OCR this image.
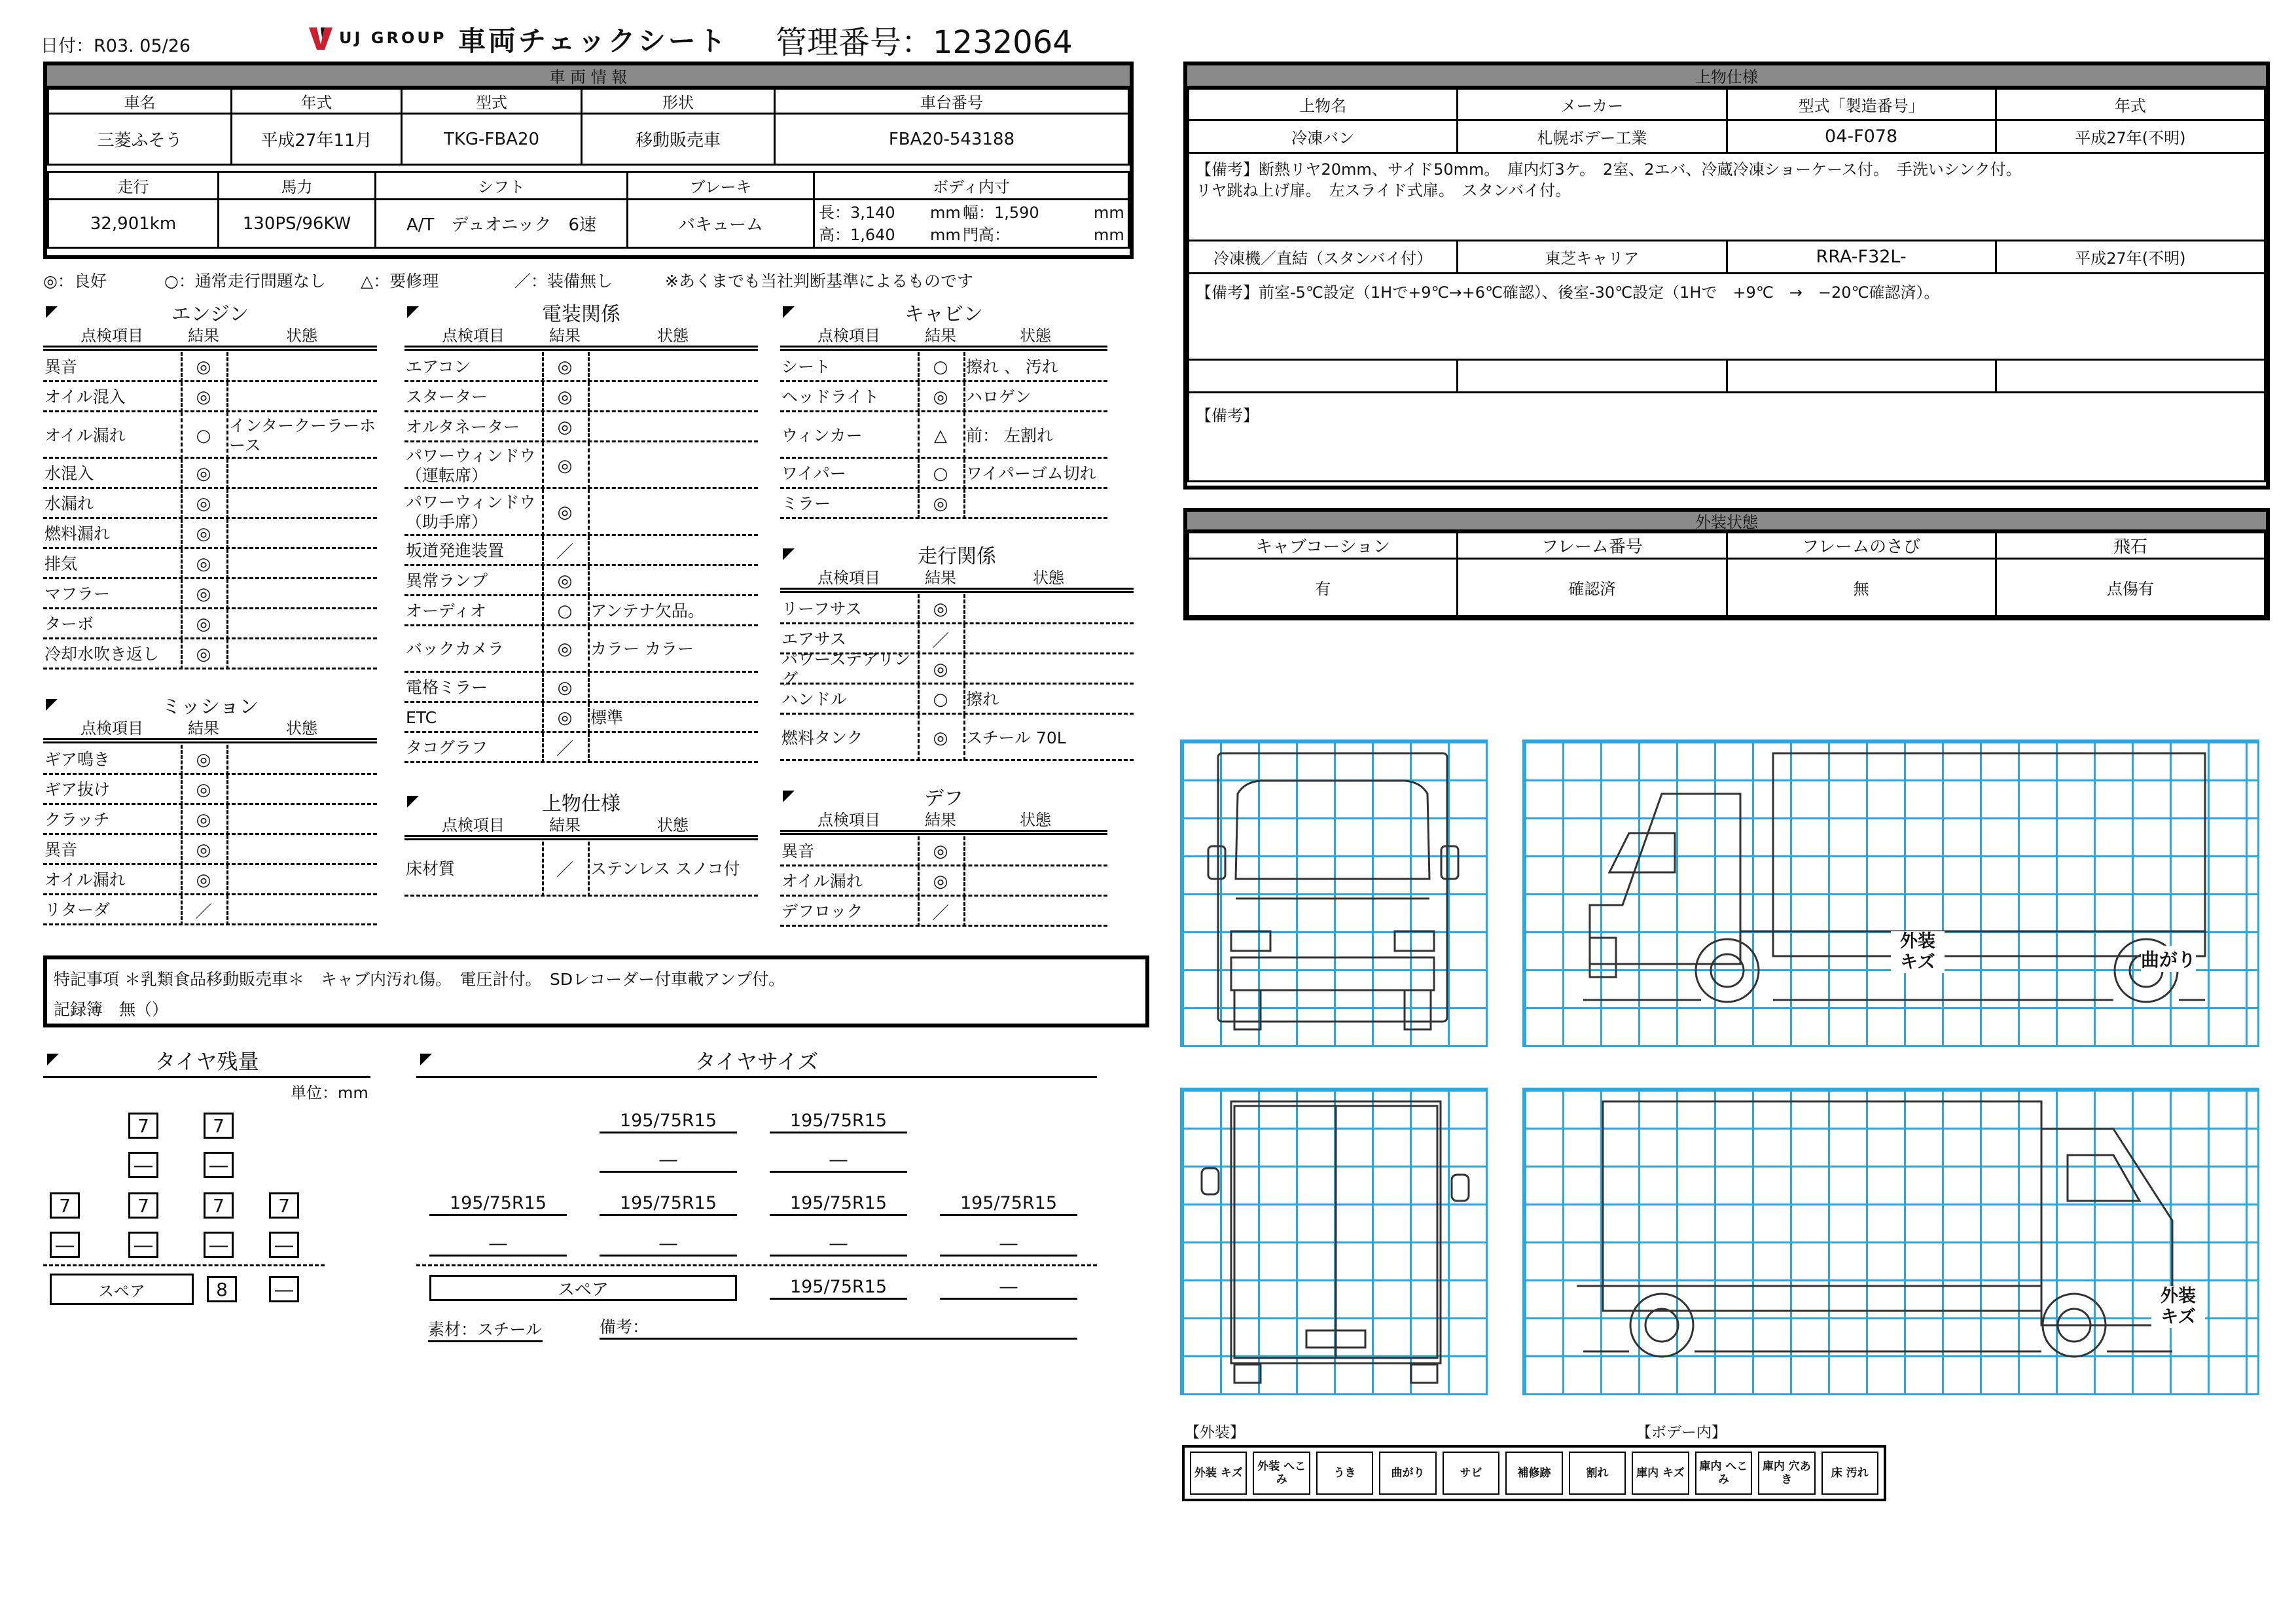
日付：R03. 05/26	UJ GROUP 車両チェックシート 管理番号：1232064
車 両 情 報
車名	年式	型式	形状	車台番号
三菱ふそう	平成27年11月	TKG-FBA20	移動販売車	FBA20-543188
走行	馬力	シフト	ブレーキ	ボディ内寸
32,901km	130PS/96KW	A/T　デュオニック　6速	バキューム	長：3,140 mm 幅：1,590 mm
高：1,640 mm 門高： mm
◎：良好	○：通常走行問題なし △：要修理	／：装備無し	※あくまでも当社判断基準によるものです
エンジン
点検項目	結果	状態
異音	◎
オイル混入	◎
オイル漏れ	○
インタークーラーホース
水混入	◎
水漏れ	◎
燃料漏れ	◎
排気	◎
マフラー	◎
ターボ	◎
冷却水吹き返し	◎
ミッション
点検項目	結果	状態
ギア鳴き	◎
ギア抜け	◎
クラッチ	◎
異音	◎
オイル漏れ	◎
リターダ	／
電装関係
点検項目	結果	状態
エアコン	◎
スターター	◎
オルタネーター	◎
パワーウィンドウ（運転席）	◎
パワーウィンドウ（助手席）	◎
坂道発進装置	／
異常ランプ	◎
オーディオ	○	アンテナ欠品。
バックカメラ	◎	カラー カラー
電格ミラー	◎
ETC	◎	標準
タコグラフ	／
上物仕様
点検項目	結果	状態
床材質	／	ステンレス スノコ付
キャビン
点検項目	結果	状態
シート	○	擦れ 、 汚れ
ヘッドライト	◎	ハロゲン
ウィンカー	△	前： 左割れ
ワイパー	○	ワイパーゴム切れ
ミラー	◎
走行関係
点検項目	結果	状態
リーフサス	◎
エアサス	／
パワーステアリング	◎
ハンドル	○	擦れ
燃料タンク	◎	スチール 70L
デフ
点検項目	結果	状態
異音	◎
オイル漏れ	◎
デフロック	／
特記事項 ＊乳類食品移動販売車＊　キャブ内汚れ傷。　電圧計付。　SDレコーダー付車載アンプ付。
記録簿　無（）
タイヤ残量
単位：mm
7	7
―	―
7	7	7	7
―	―	―	―
スペア	8	―
タイヤサイズ
195/75R15	195/75R15
―	―
195/75R15	195/75R15	195/75R15	195/75R15
―	―	―	―
スペア	195/75R15	―
素材：スチール	備考：
上物仕様
上物名	メーカー	型式「製造番号」	年式
冷凍バン	札幌ボデー工業	04-F078	平成27年(不明)

【備考】断熱リヤ20mm、サイド50mm。　庫内灯3ケ。　2室、2エバ、冷蔵冷凍ショーケース付。　手洗いシンク付。
リヤ跳ね上げ扉。　左スライド式扉。　スタンバイ付。			

冷凍機／直結（スタンバイ付）	東芝キャリア	RRA-F32L-	平成27年(不明)
【備考】前室-5℃設定（1Hで+9℃→+6℃確認）、後室-30℃設定（1Hで　+9℃　→　−20℃確認済）。			

【備考】			
外装状態
キャブコーション	フレーム番号	フレームのさび	飛石
有	確認済	無	点傷有
外装
キズ	曲がり
外装
キズ
【外装】	【ボデー内】
外装 キズ	外装 へこみ	うき	曲がり	サビ	補修跡	割れ	庫内 キズ	庫内 へこみ
庫内 穴あき	床 汚れ
